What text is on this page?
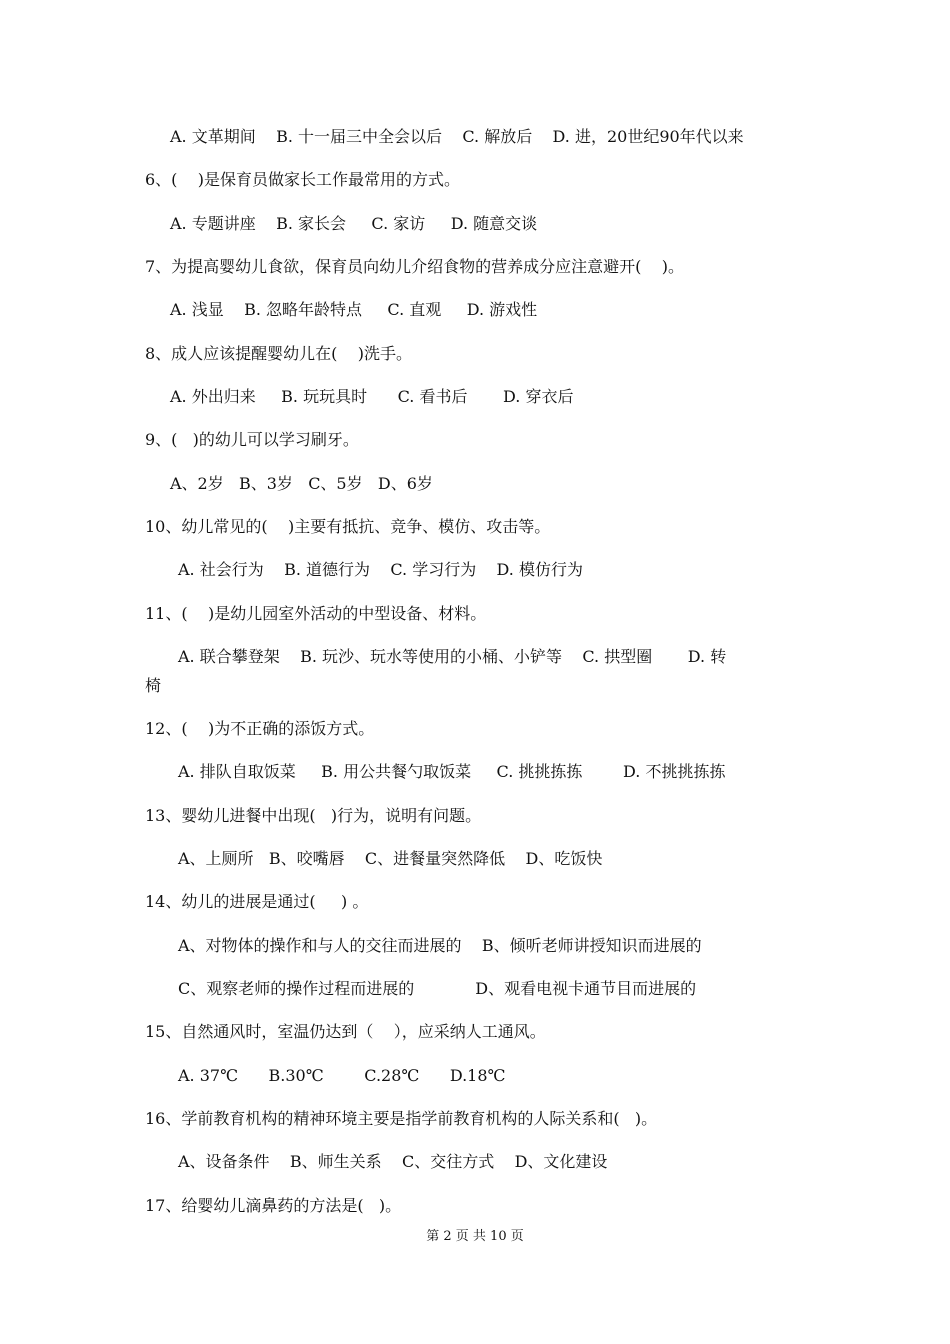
A. 文革期间    B. 十一届三中全会以后    C. 解放后    D. 进，20世纪90年代以来
6、(    )是保育员做家长工作最常用的方式。
A. 专题讲座    B. 家长会     C. 家访     D. 随意交谈
7、为提高婴幼儿食欲，保育员向幼儿介绍食物的营养成分应注意避开(    )。
A. 浅显    B. 忽略年龄特点     C. 直观     D. 游戏性
8、成人应该提醒婴幼儿在(    )洗手。
A. 外出归来     B. 玩玩具时      C. 看书后       D. 穿衣后
9、(   )的幼儿可以学习刷牙。
A、2岁   B、3岁   C、5岁   D、6岁
10、幼儿常见的(    )主要有抵抗、竞争、模仿、攻击等。
A. 社会行为    B. 道德行为    C. 学习行为    D. 模仿行为
11、(    )是幼儿园室外活动的中型设备、材料。
A. 联合攀登架    B. 玩沙、玩水等使用的小桶、小铲等    C. 拱型圈       D. 转
椅
12、(    )为不正确的添饭方式。
A. 排队自取饭菜     B. 用公共餐勺取饭菜     C. 挑挑拣拣        D. 不挑挑拣拣
13、婴幼儿进餐中出现(   )行为，说明有问题。
A、上厕所   B、咬嘴唇    C、进餐量突然降低    D、吃饭快
14、幼儿的进展是通过(     ) 。
A、对物体的操作和与人的交往而进展的    B、倾听老师讲授知识而进展的
C、观察老师的操作过程而进展的            D、观看电视卡通节目而进展的
15、自然通风时，室温仍达到（    ），应采纳人工通风。
A. 37℃      B.30℃        C.28℃      D.18℃
16、学前教育机构的精神环境主要是指学前教育机构的人际关系和(   )。
A、设备条件    B、师生关系    C、交往方式    D、文化建设
17、给婴幼儿滴鼻药的方法是(   )。
第 2 页 共 10 页
